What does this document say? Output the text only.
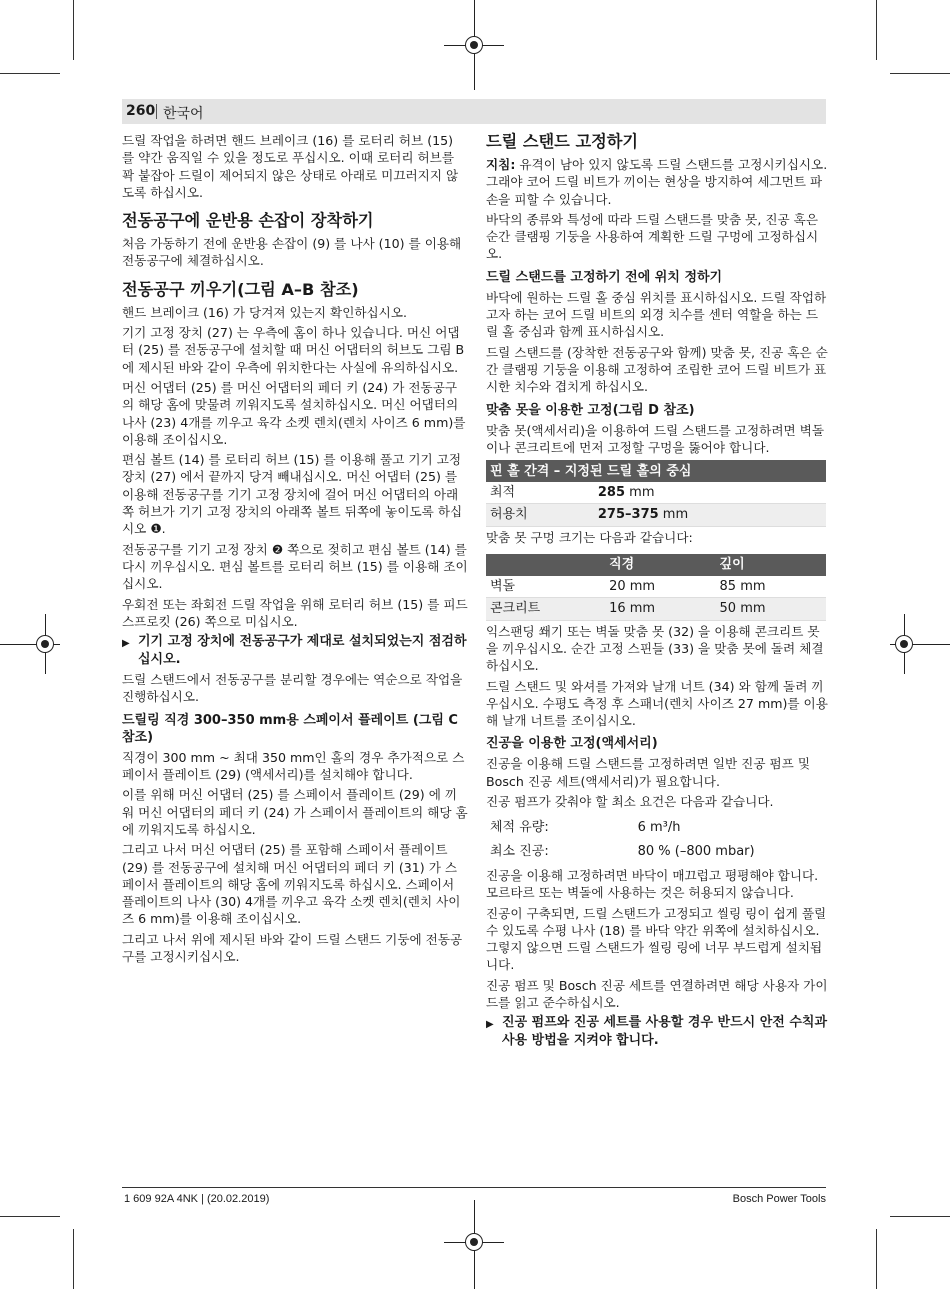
260 한국어

드릴 작업을 하려면 핸드 브레이크 (16) 를 로터리 허브 (15) 를 약간 움직일 수 있을 정도로 푸십시오. 이때 로터리 허브를 꽉 붙잡아 드릴이 제어되지 않은 상태로 아래로 미끄러지지 않도록 하십시오.

전동공구에 운반용 손잡이 장착하기

처음 가동하기 전에 운반용 손잡이 (9) 를 나사 (10) 를 이용해 전동공구에 체결하십시오.

전동공구 끼우기(그림 A–B 참조)

핸드 브레이크 (16) 가 당겨져 있는지 확인하십시오.

기기 고정 장치 (27) 는 우측에 홈이 하나 있습니다. 머신 어댑터 (25) 를 전동공구에 설치할 때 머신 어댑터의 허브도 그림 B 에 제시된 바와 같이 우측에 위치한다는 사실에 유의하십시오.

머신 어댑터 (25) 를 머신 어댑터의 페더 키 (24) 가 전동공구의 해당 홈에 맞물려 끼워지도록 설치하십시오. 머신 어댑터의 나사 (23) 4개를 끼우고 육각 소켓 렌치(렌치 사이즈 6 mm)를 이용해 조이십시오.

편심 볼트 (14) 를 로터리 허브 (15) 를 이용해 풀고 기기 고정 장치 (27) 에서 끝까지 당겨 빼내십시오. 머신 어댑터 (25) 를 이용해 전동공구를 기기 고정 장치에 걸어 머신 어댑터의 아래쪽 허브가 기기 고정 장치의 아래쪽 볼트 뒤쪽에 놓이도록 하십시오 ❶.

전동공구를 기기 고정 장치 ❷ 쪽으로 젖히고 편심 볼트 (14) 를 다시 끼우십시오. 편심 볼트를 로터리 허브 (15) 를 이용해 조이십시오.

우회전 또는 좌회전 드릴 작업을 위해 로터리 허브 (15) 를 피드 스프로킷 (26) 쪽으로 미십시오.

▶ 기기 고정 장치에 전동공구가 제대로 설치되었는지 점검하십시오.

드릴 스탠드에서 전동공구를 분리할 경우에는 역순으로 작업을 진행하십시오.

드릴링 직경 300–350 mm용 스페이서 플레이트 (그림 C 참조)

직경이 300 mm ~ 최대 350 mm인 홀의 경우 추가적으로 스페이서 플레이트 (29) (액세서리)를 설치해야 합니다.

이를 위해 머신 어댑터 (25) 를 스페이서 플레이트 (29) 에 끼워 머신 어댑터의 페더 키 (24) 가 스페이서 플레이트의 해당 홈에 끼워지도록 하십시오.

그리고 나서 머신 어댑터 (25) 를 포함해 스페이서 플레이트 (29) 를 전동공구에 설치해 머신 어댑터의 페더 키 (31) 가 스페이서 플레이트의 해당 홈에 끼워지도록 하십시오. 스페이서 플레이트의 나사 (30) 4개를 끼우고 육각 소켓 렌치(렌치 사이즈 6 mm)를 이용해 조이십시오.

그리고 나서 위에 제시된 바와 같이 드릴 스탠드 기둥에 전동공구를 고정시키십시오.

드릴 스탠드 고정하기

지침: 유격이 남아 있지 않도록 드릴 스탠드를 고정시키십시오. 그래야 코어 드릴 비트가 끼이는 현상을 방지하여 세그먼트 파손을 피할 수 있습니다.

바닥의 종류와 특성에 따라 드릴 스탠드를 맞춤 못, 진공 혹은 순간 클램핑 기둥을 사용하여 계획한 드릴 구멍에 고정하십시오.

드릴 스탠드를 고정하기 전에 위치 정하기

바닥에 원하는 드릴 홀 중심 위치를 표시하십시오. 드릴 작업하고자 하는 코어 드릴 비트의 외경 치수를 센터 역할을 하는 드릴 홀 중심과 함께 표시하십시오.

드릴 스탠드를 (장착한 전동공구와 함께) 맞춤 못, 진공 혹은 순간 클램핑 기둥을 이용해 고정하여 조립한 코어 드릴 비트가 표시한 치수와 겹치게 하십시오.

맞춤 못을 이용한 고정(그림 D 참조)

맞춤 못(액세서리)을 이용하여 드릴 스탠드를 고정하려면 벽돌이나 콘크리트에 먼저 고정할 구멍을 뚫어야 합니다.

핀 홀 간격 – 지정된 드릴 홀의 중심	
최적	285 mm
허용치	275–375 mm

맞춤 못 구멍 크기는 다음과 같습니다:

	직경	깊이
벽돌	20 mm	85 mm
콘크리트	16 mm	50 mm

익스팬딩 쐐기 또는 벽돌 맞춤 못 (32) 을 이용해 콘크리트 못을 끼우십시오. 순간 고정 스핀들 (33) 을 맞춤 못에 돌려 체결하십시오.

드릴 스탠드 및 와셔를 가져와 날개 너트 (34) 와 함께 돌려 끼우십시오. 수평도 측정 후 스패너(렌치 사이즈 27 mm)를 이용해 날개 너트를 조이십시오.

진공을 이용한 고정(액세서리)

진공을 이용해 드릴 스탠드를 고정하려면 일반 진공 펌프 및 Bosch 진공 세트(액세서리)가 필요합니다.

진공 펌프가 갖춰야 할 최소 요건은 다음과 같습니다.

체적 유량:	6 m³/h
최소 진공:	80 % (–800 mbar)

진공을 이용해 고정하려면 바닥이 매끄럽고 평평해야 합니다. 모르타르 또는 벽돌에 사용하는 것은 허용되지 않습니다.

진공이 구축되면, 드릴 스탠드가 고정되고 씰링 링이 쉽게 풀릴 수 있도록 수평 나사 (18) 를 바닥 약간 위쪽에 설치하십시오. 그렇지 않으면 드릴 스탠드가 씰링 링에 너무 부드럽게 설치됩니다.

진공 펌프 및 Bosch 진공 세트를 연결하려면 해당 사용자 가이드를 읽고 준수하십시오.

▶ 진공 펌프와 진공 세트를 사용할 경우 반드시 안전 수칙과 사용 방법을 지켜야 합니다.
1 609 92A 4NK | (20.02.2019)	Bosch Power Tools
